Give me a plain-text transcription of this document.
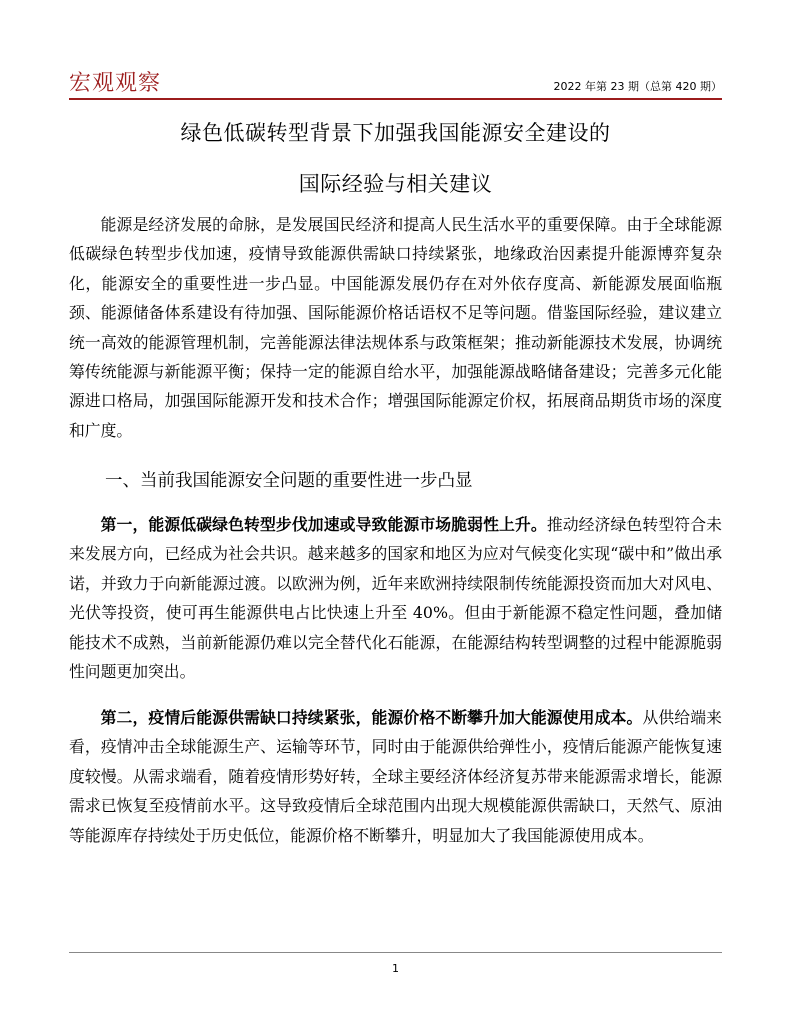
宏观观察	2022 年第 23 期（总第 420 期）
绿色低碳转型背景下加强我国能源安全建设的
国际经验与相关建议

能源是经济发展的命脉，是发展国民经济和提高人民生活水平的重要保障。由于全球能源低碳绿色转型步伐加速，疫情导致能源供需缺口持续紧张，地缘政治因素提升能源博弈复杂化，能源安全的重要性进一步凸显。中国能源发展仍存在对外依存度高、新能源发展面临瓶颈、能源储备体系建设有待加强、国际能源价格话语权不足等问题。借鉴国际经验，建议建立统一高效的能源管理机制，完善能源法律法规体系与政策框架；推动新能源技术发展，协调统筹传统能源与新能源平衡；保持一定的能源自给水平，加强能源战略储备建设；完善多元化能源进口格局，加强国际能源开发和技术合作；增强国际能源定价权，拓展商品期货市场的深度和广度。

一、当前我国能源安全问题的重要性进一步凸显

第一，能源低碳绿色转型步伐加速或导致能源市场脆弱性上升。推动经济绿色转型符合未来发展方向，已经成为社会共识。越来越多的国家和地区为应对气候变化实现“碳中和”做出承诺，并致力于向新能源过渡。以欧洲为例，近年来欧洲持续限制传统能源投资而加大对风电、光伏等投资，使可再生能源供电占比快速上升至 40%。但由于新能源不稳定性问题，叠加储能技术不成熟，当前新能源仍难以完全替代化石能源，在能源结构转型调整的过程中能源脆弱性问题更加突出。

第二，疫情后能源供需缺口持续紧张，能源价格不断攀升加大能源使用成本。从供给端来看，疫情冲击全球能源生产、运输等环节，同时由于能源供给弹性小，疫情后能源产能恢复速度较慢。从需求端看，随着疫情形势好转，全球主要经济体经济复苏带来能源需求增长，能源需求已恢复至疫情前水平。这导致疫情后全球范围内出现大规模能源供需缺口，天然气、原油等能源库存持续处于历史低位，能源价格不断攀升，明显加大了我国能源使用成本。

1
